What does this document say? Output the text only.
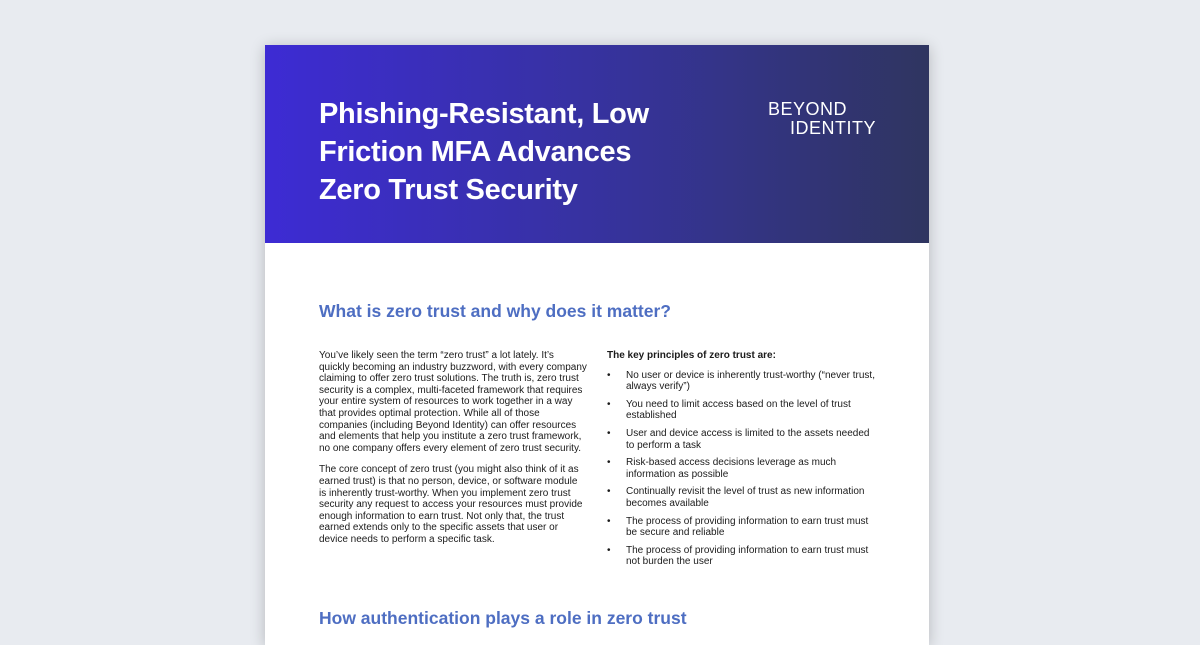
Phishing-Resistant, Low
Friction MFA Advances
Zero Trust Security
BEYOND
IDENTITY
What is zero trust and why does it matter?

You’ve likely seen the term “zero trust” a lot lately. It’s quickly becoming an industry buzzword, with every company claiming to offer zero trust solutions. The truth is, zero trust security is a complex, multi-faceted framework that requires your entire system of resources to work together in a way that provides optimal protection. While all of those companies (including Beyond Identity) can offer resources and elements that help you institute a zero trust framework, no one company offers every element of zero trust security.

The core concept of zero trust (you might also think of it as earned trust) is that no person, device, or software module is inherently trust-worthy. When you implement zero trust security any request to access your resources must provide enough information to earn trust. Not only that, the trust earned extends only to the specific assets that user or device needs to perform a specific task.

The key principles of zero trust are:
• No user or device is inherently trust-worthy (“never trust, always verify”)
• You need to limit access based on the level of trust established
• User and device access is limited to the assets needed to perform a task
• Risk-based access decisions leverage as much information as possible
• Continually revisit the level of trust as new information becomes available
• The process of providing information to earn trust must be secure and reliable
• The process of providing information to earn trust must not burden the user
How authentication plays a role in zero trust
